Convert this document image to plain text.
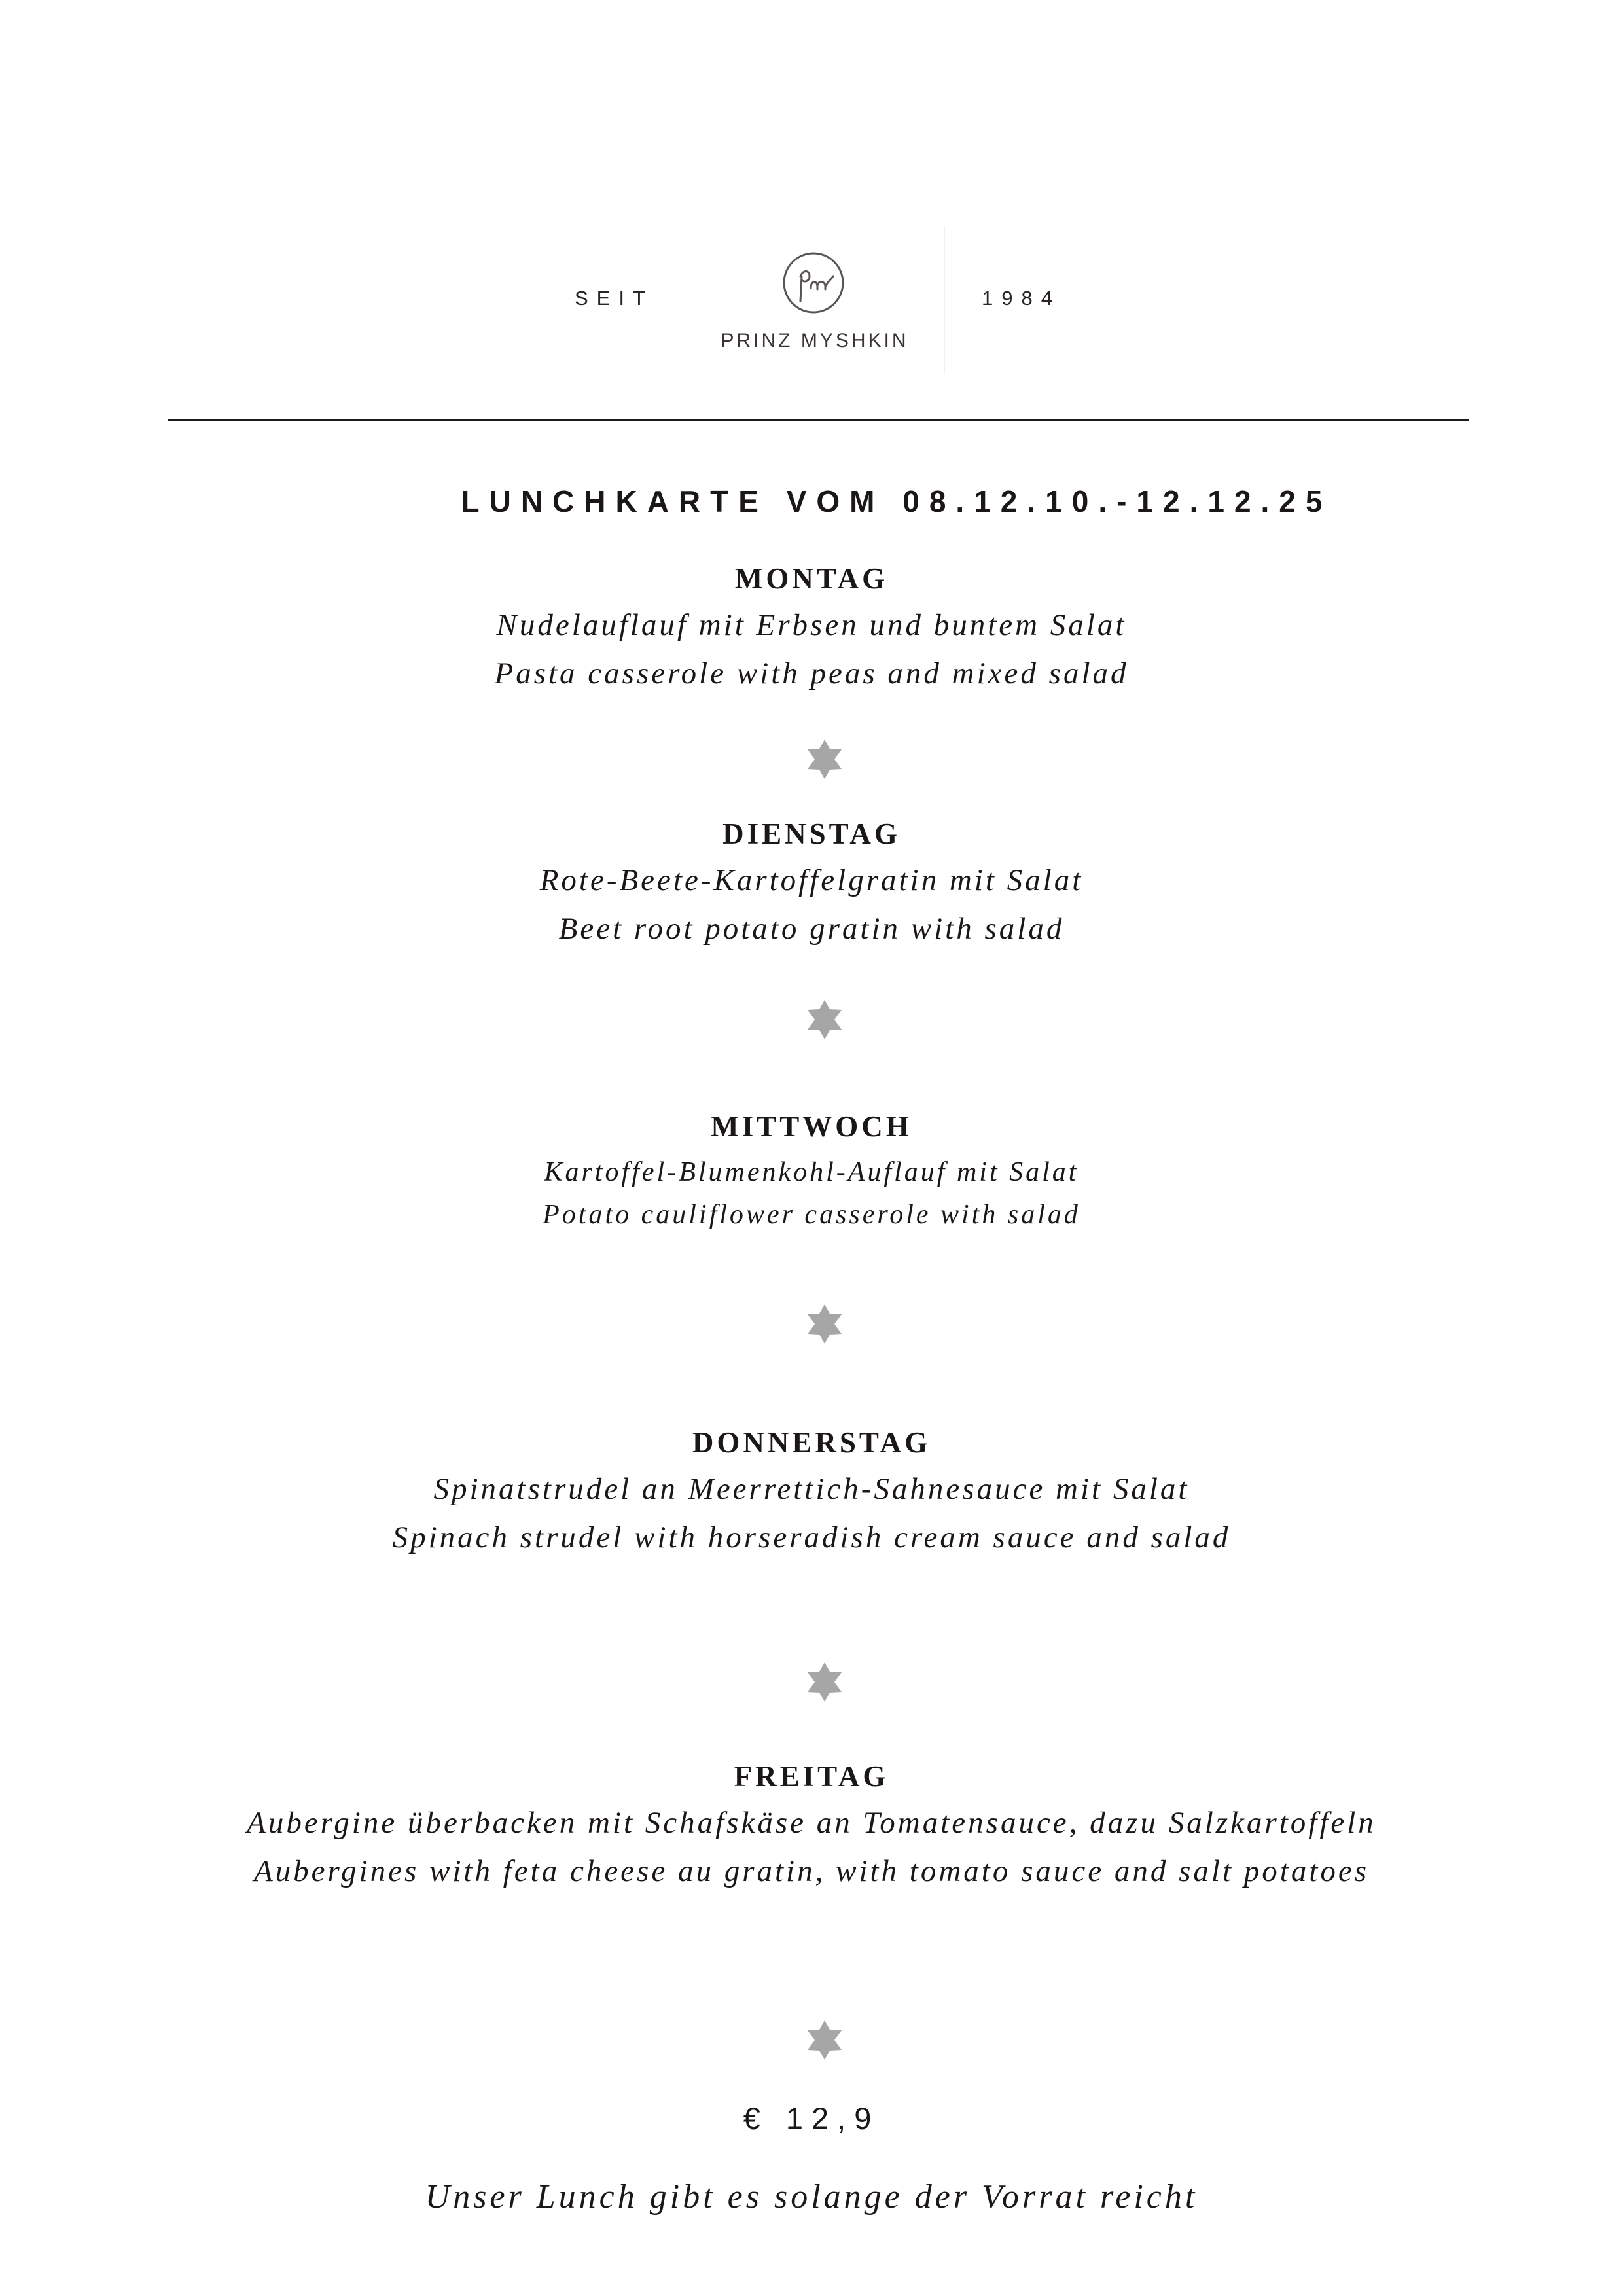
SEIT
PRINZ MYSHKIN
1984
LUNCHKARTE VOM 08.12.10.-12.12.25
MONTAG
Nudelauflauf mit Erbsen und buntem Salat
Pasta casserole with peas and mixed salad
DIENSTAG
Rote-Beete-Kartoffelgratin mit Salat
Beet root potato gratin with salad
MITTWOCH
Kartoffel-Blumenkohl-Auflauf mit Salat
Potato cauliflower casserole with salad
DONNERSTAG
Spinatstrudel an Meerrettich-Sahnesauce mit Salat
Spinach strudel with horseradish cream sauce and salad
FREITAG
Aubergine überbacken mit Schafskäse an Tomatensauce, dazu Salzkartoffeln
Aubergines with feta cheese au gratin, with tomato sauce and salt potatoes
€ 12,9
Unser Lunch gibt es solange der Vorrat reicht
